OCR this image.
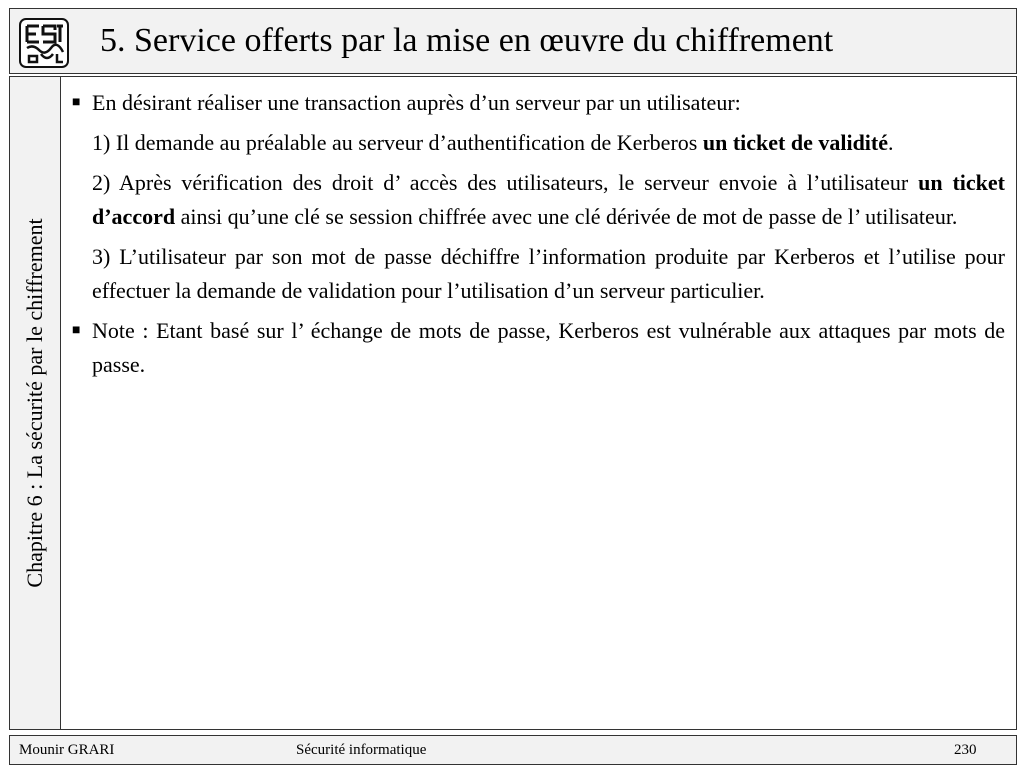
5. Service offerts par la mise en œuvre du chiffrement
Chapitre 6 : La sécurité par le chiffrement
■ En désirant réaliser une transaction auprès d’un serveur par un utilisateur:
1) Il demande au préalable au serveur d’authentification de Kerberos un ticket de validité.
2) Après vérification des droit d’ accès des utilisateurs, le serveur envoie à l’utilisateur un ticket d’accord ainsi qu’une clé se session chiffrée avec une clé dérivée de mot de passe de l’ utilisateur.
3) L’utilisateur par son mot de passe déchiffre l’information produite par Kerberos et l’utilise pour effectuer la demande de validation pour l’utilisation d’un serveur particulier.
■ Note : Etant basé sur l’ échange de mots de passe, Kerberos est vulnérable aux attaques par mots de passe.
Mounir GRARI	Sécurité informatique	230
